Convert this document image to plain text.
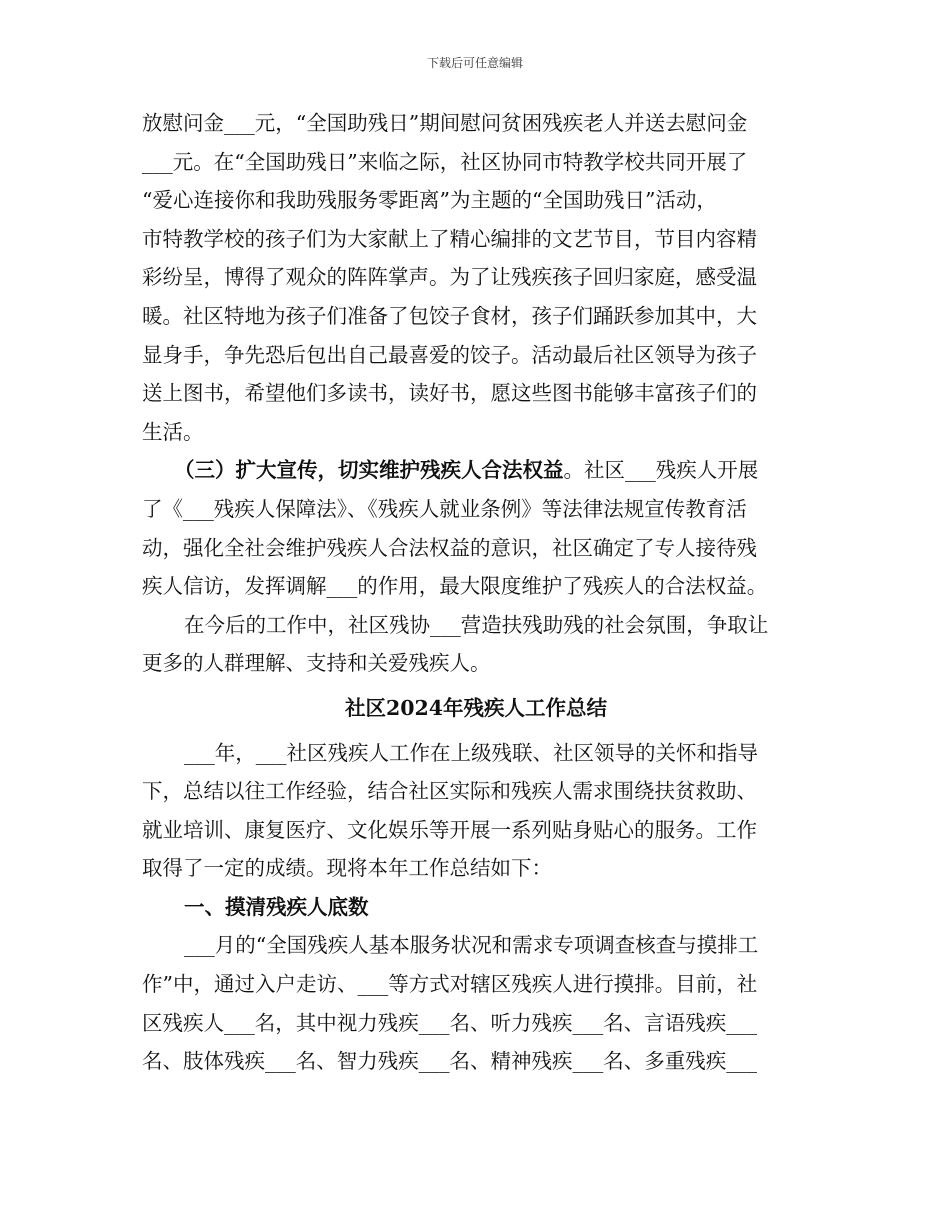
下载后可任意编辑

放慰问金___元，“全国助残日”期间慰问贫困残疾老人并送去慰问金

___元。在“全国助残日”来临之际，社区协同市特教学校共同开展了

“爱心连接你和我助残服务零距离”为主题的“全国助残日”活动，

市特教学校的孩子们为大家献上了精心编排的文艺节目，节目内容精

彩纷呈，博得了观众的阵阵掌声。为了让残疾孩子回归家庭，感受温

暖。社区特地为孩子们准备了包饺子食材，孩子们踊跃参加其中，大

显身手，争先恐后包出自己最喜爱的饺子。活动最后社区领导为孩子

送上图书，希望他们多读书，读好书，愿这些图书能够丰富孩子们的

生活。

（三）扩大宣传，切实维护残疾人合法权益。社区___残疾人开展

了《___残疾人保障法》、《残疾人就业条例》等法律法规宣传教育活

动，强化全社会维护残疾人合法权益的意识，社区确定了专人接待残

疾人信访，发挥调解___的作用，最大限度维护了残疾人的合法权益。

在今后的工作中，社区残协___营造扶残助残的社会氛围，争取让

更多的人群理解、支持和关爱残疾人。

社区2024年残疾人工作总结

___年，___社区残疾人工作在上级残联、社区领导的关怀和指导

下，总结以往工作经验，结合社区实际和残疾人需求围绕扶贫救助、

就业培训、康复医疗、文化娱乐等开展一系列贴身贴心的服务。工作

取得了一定的成绩。现将本年工作总结如下：

一、摸清残疾人底数

___月的“全国残疾人基本服务状况和需求专项调查核查与摸排工

作”中，通过入户走访、___等方式对辖区残疾人进行摸排。目前，社

区残疾人___名，其中视力残疾___名、听力残疾___名、言语残疾___

名、肢体残疾___名、智力残疾___名、精神残疾___名、多重残疾___
